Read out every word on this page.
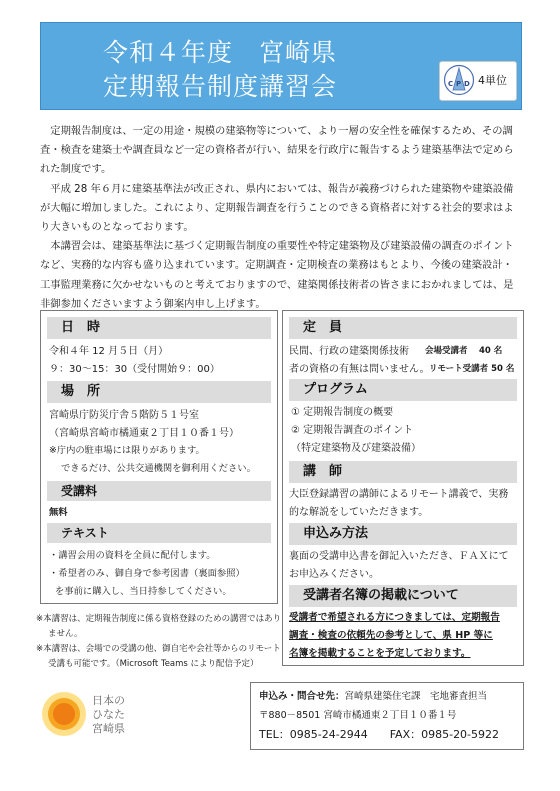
令和４年度　宮崎県
定期報告制度講習会	C P D 4単位

定期報告制度は、一定の用途・規模の建築物等について、より一層の安全性を確保するため、その調査・検査を建築士や調査員など一定の資格者が行い、結果を行政庁に報告するよう建築基準法で定められた制度です。

平成 28 年６月に建築基準法が改正され、県内においては、報告が義務づけられた建築物や建築設備が大幅に増加しました。これにより、定期報告調査を行うことのできる資格者に対する社会的要求はより大きいものとなっております。

本講習会は、建築基準法に基づく定期報告制度の重要性や特定建築物及び建築設備の調査のポイントなど、実務的な内容も盛り込まれています。定期調査・定期検査の業務はもとより、今後の建築設計・工事監理業務に欠かせないものと考えておりますので、建築関係技術者の皆さまにおかれましては、是非御参加くださいますよう御案内申し上げます。

日　時
令和４年 12 月５日（月）
９：30～15：30（受付開始９：00）
場　所
宮崎県庁防災庁舎５階防５１号室
（宮崎県宮崎市橘通東２丁目１０番１号）
※庁内の駐車場には限りがあります。
できるだけ、公共交通機関を御利用ください。
受講料
無料
テキスト
・講習会用の資料を全員に配付します。
・希望者のみ、御自身で参考図書（裏面参照）
を事前に購入し、当日持参してください。
定　員
民間、行政の建築関係技術 会場受講者　 40 名
者の資格の有無は問いません。 リモート受講者 50 名
プログラム
① 定期報告制度の概要
② 定期報告調査のポイント
（特定建築物及び建築設備）
講　師
大臣登録講習の講師によるリモート講義で、実務
的な解説をしていただきます。
申込み方法
裏面の受講申込書を御記入いただき、ＦＡＸにて
お申込みください。
受講者名簿の掲載について
受講者で希望される方につきましては、定期報告
調査・検査の依頼先の参考として、県 HP 等に
名簿を掲載することを予定しております。

※本講習は、定期報告制度に係る資格登録のための講習ではありません。

※本講習は、会場での受講の他、御自宅や会社等からのリモート受講も可能です。（Microsoft Teams により配信予定）

日本のひなた宮崎県
申込み・問合せ先：宮崎県建築住宅課　宅地審査担当
〒880－8501 宮崎市橘通東２丁目１０番１号
TEL：0985-24-2944　　FAX：0985-20-5922
